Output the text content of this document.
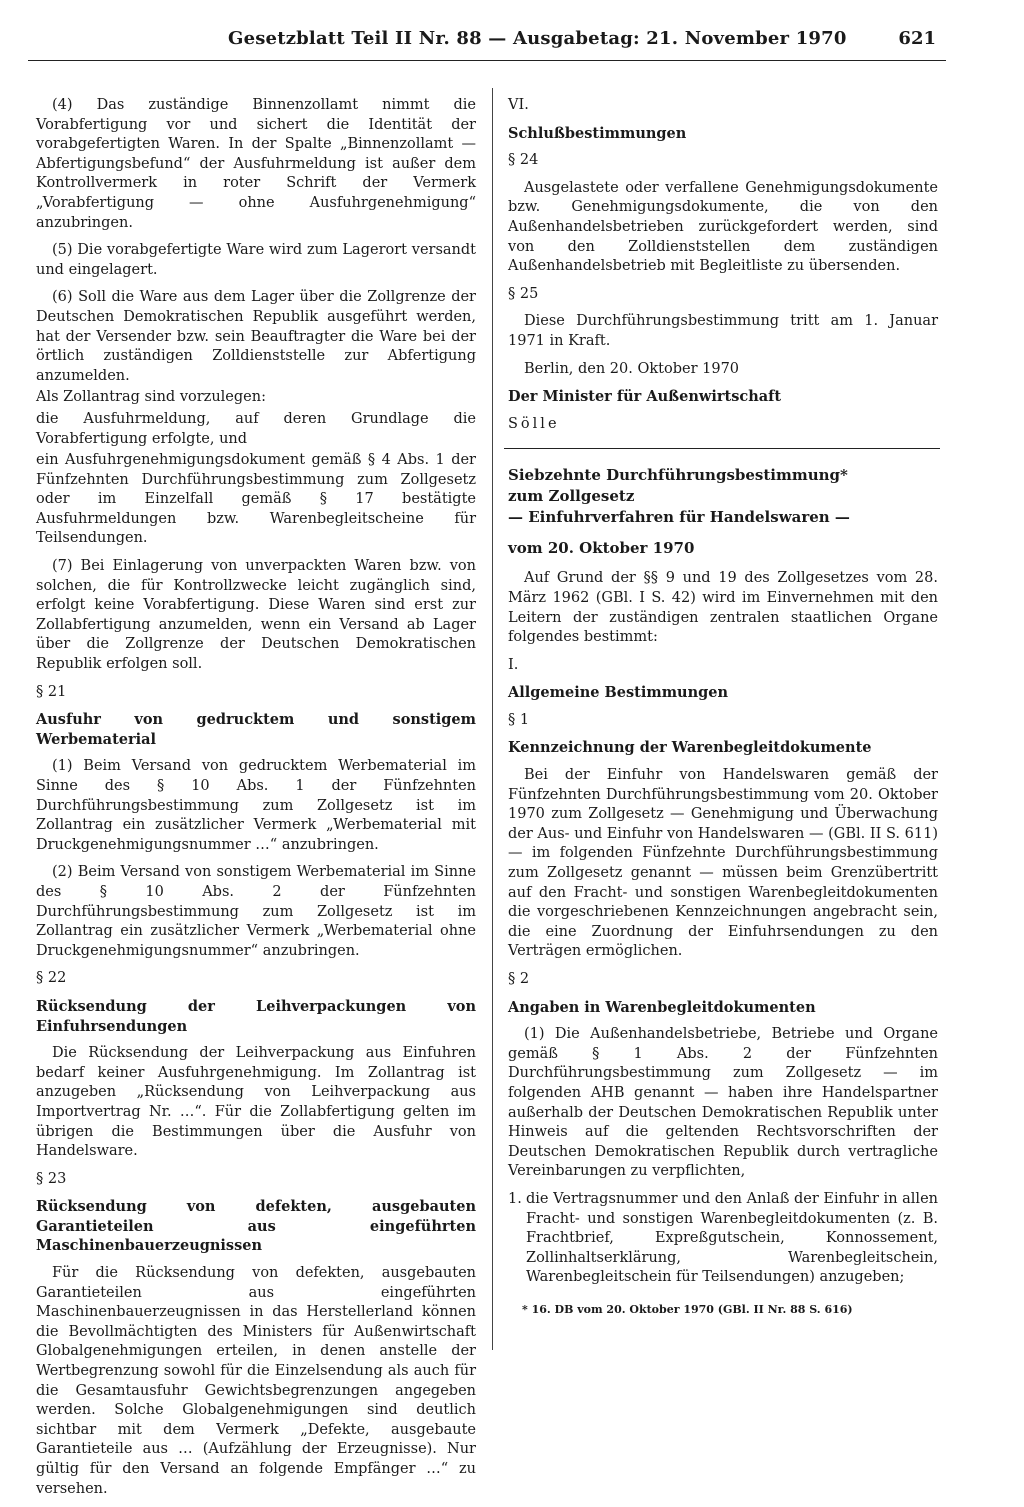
Gesetzblatt Teil II Nr. 88 — Ausgabetag: 21. November 1970	621

(4) Das zuständige Binnenzollamt nimmt die Vorabfertigung vor und sichert die Identität der vorabgefertigten Waren. In der Spalte „Binnenzollamt — Abfertigungsbefund“ der Ausfuhrmeldung ist außer dem Kontrollvermerk in roter Schrift der Vermerk „Vorabfertigung — ohne Ausfuhrgenehmigung“ anzubringen.

(5) Die vorabgefertigte Ware wird zum Lagerort versandt und eingelagert.

(6) Soll die Ware aus dem Lager über die Zollgrenze der Deutschen Demokratischen Republik ausgeführt werden, hat der Versender bzw. sein Beauftragter die Ware bei der örtlich zuständigen Zolldienststelle zur Abfertigung anzumelden.

Als Zollantrag sind vorzulegen:

die Ausfuhrmeldung, auf deren Grundlage die Vorabfertigung erfolgte, und

ein Ausfuhrgenehmigungsdokument gemäß § 4 Abs. 1 der Fünfzehnten Durchführungsbestimmung zum Zollgesetz oder im Einzelfall gemäß § 17 bestätigte Ausfuhrmeldungen bzw. Warenbegleitscheine für Teilsendungen.

(7) Bei Einlagerung von unverpackten Waren bzw. von solchen, die für Kontrollzwecke leicht zugänglich sind, erfolgt keine Vorabfertigung. Diese Waren sind erst zur Zollabfertigung anzumelden, wenn ein Versand ab Lager über die Zollgrenze der Deutschen Demokratischen Republik erfolgen soll.

§ 21

Ausfuhr von gedrucktem und sonstigem Werbematerial

(1) Beim Versand von gedrucktem Werbematerial im Sinne des § 10 Abs. 1 der Fünfzehnten Durchführungsbestimmung zum Zollgesetz ist im Zollantrag ein zusätzlicher Vermerk „Werbematerial mit Druckgenehmigungsnummer …“ anzubringen.

(2) Beim Versand von sonstigem Werbematerial im Sinne des § 10 Abs. 2 der Fünfzehnten Durchführungsbestimmung zum Zollgesetz ist im Zollantrag ein zusätzlicher Vermerk „Werbematerial ohne Druckgenehmigungsnummer“ anzubringen.

§ 22

Rücksendung der Leihverpackungen von Einfuhrsendungen

Die Rücksendung der Leihverpackung aus Einfuhren bedarf keiner Ausfuhrgenehmigung. Im Zollantrag ist anzugeben „Rücksendung von Leihverpackung aus Importvertrag Nr. …“. Für die Zollabfertigung gelten im übrigen die Bestimmungen über die Ausfuhr von Handelsware.

§ 23

Rücksendung von defekten, ausgebauten Garantieteilen aus eingeführten Maschinenbauerzeugnissen

Für die Rücksendung von defekten, ausgebauten Garantieteilen aus eingeführten Maschinenbauerzeugnissen in das Herstellerland können die Bevollmächtigten des Ministers für Außenwirtschaft Globalgenehmigungen erteilen, in denen anstelle der Wertbegrenzung sowohl für die Einzelsendung als auch für die Gesamtausfuhr Gewichtsbegrenzungen angegeben werden. Solche Globalgenehmigungen sind deutlich sichtbar mit dem Vermerk „Defekte, ausgebaute Garantieteile aus … (Aufzählung der Erzeugnisse). Nur gültig für den Versand an folgende Empfänger …“ zu versehen.

VI.

Schlußbestimmungen

§ 24

Ausgelastete oder verfallene Genehmigungsdokumente bzw. Genehmigungsdokumente, die von den Außenhandelsbetrieben zurückgefordert werden, sind von den Zolldienststellen dem zuständigen Außenhandelsbetrieb mit Begleitliste zu übersenden.

§ 25

Diese Durchführungsbestimmung tritt am 1. Januar 1971 in Kraft.

Berlin, den 20. Oktober 1970

Der Minister für Außenwirtschaft

Sölle

Siebzehnte Durchführungsbestimmung*

zum Zollgesetz

— Einfuhrverfahren für Handelswaren —

vom 20. Oktober 1970

Auf Grund der §§ 9 und 19 des Zollgesetzes vom 28. März 1962 (GBl. I S. 42) wird im Einvernehmen mit den Leitern der zuständigen zentralen staatlichen Organe folgendes bestimmt:

I.

Allgemeine Bestimmungen

§ 1

Kennzeichnung der Warenbegleitdokumente

Bei der Einfuhr von Handelswaren gemäß der Fünfzehnten Durchführungsbestimmung vom 20. Oktober 1970 zum Zollgesetz — Genehmigung und Überwachung der Aus- und Einfuhr von Handelswaren — (GBl. II S. 611) — im folgenden Fünfzehnte Durchführungsbestimmung zum Zollgesetz genannt — müssen beim Grenzübertritt auf den Fracht- und sonstigen Warenbegleitdokumenten die vorgeschriebenen Kennzeichnungen angebracht sein, die eine Zuordnung der Einfuhrsendungen zu den Verträgen ermöglichen.

§ 2

Angaben in Warenbegleitdokumenten

(1) Die Außenhandelsbetriebe, Betriebe und Organe gemäß § 1 Abs. 2 der Fünfzehnten Durchführungsbestimmung zum Zollgesetz — im folgenden AHB genannt — haben ihre Handelspartner außerhalb der Deutschen Demokratischen Republik unter Hinweis auf die geltenden Rechtsvorschriften der Deutschen Demokratischen Republik durch vertragliche Vereinbarungen zu verpflichten,

1. die Vertragsnummer und den Anlaß der Einfuhr in allen Fracht- und sonstigen Warenbegleitdokumenten (z. B. Frachtbrief, Expreßgutschein, Konnossement, Zollinhaltserklärung, Warenbegleitschein, Warenbegleitschein für Teilsendungen) anzugeben;
* 16. DB vom 20. Oktober 1970 (GBl. II Nr. 88 S. 616)
